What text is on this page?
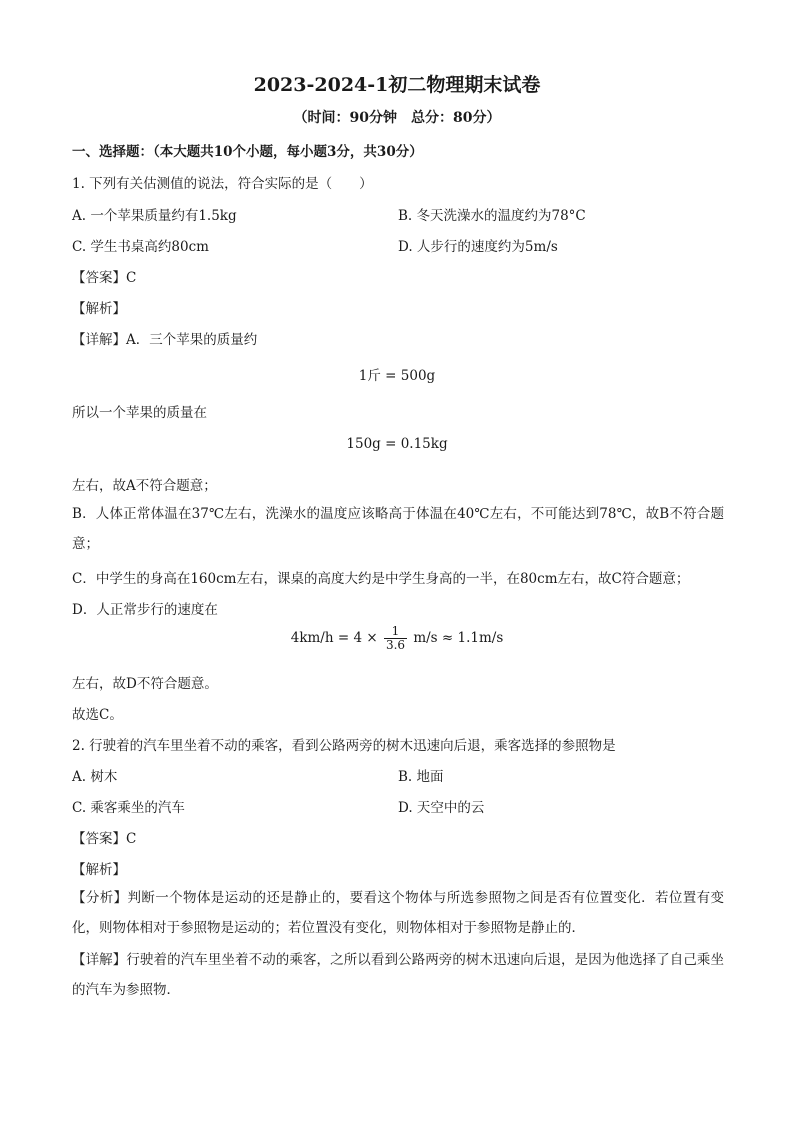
2023-2024-1初二物理期末试卷
（时间：90分钟　总分：80分）
一、选择题：（本大题共10个小题，每小题3分，共30分）
1. 下列有关估测值的说法，符合实际的是（　　）
A. 一个苹果质量约有1.5kg	B. 冬天洗澡水的温度约为78°C
C. 学生书桌高约80cm	D. 人步行的速度约为5m/s
【答案】C
【解析】
【详解】A．三个苹果的质量约
1斤 = 500g
所以一个苹果的质量在
150g = 0.15kg
左右，故A不符合题意；
B．人体正常体温在37℃左右，洗澡水的温度应该略高于体温在40℃左右，不可能达到78℃，故B不符合题意；
C．中学生的身高在160cm左右，课桌的高度大约是中学生身高的一半，在80cm左右，故C符合题意；
D．人正常步行的速度在
$4km/h = 4 \times \frac{1}{3.6} m/s \approx 1.1m/s$
左右，故D不符合题意。
故选C。
2. 行驶着的汽车里坐着不动的乘客，看到公路两旁的树木迅速向后退，乘客选择的参照物是
A. 树木	B. 地面
C. 乘客乘坐的汽车	D. 天空中的云
【答案】C
【解析】
【分析】判断一个物体是运动的还是静止的，要看这个物体与所选参照物之间是否有位置变化．若位置有变化，则物体相对于参照物是运动的；若位置没有变化，则物体相对于参照物是静止的．
【详解】行驶着的汽车里坐着不动的乘客，之所以看到公路两旁的树木迅速向后退，是因为他选择了自己乘坐的汽车为参照物．
